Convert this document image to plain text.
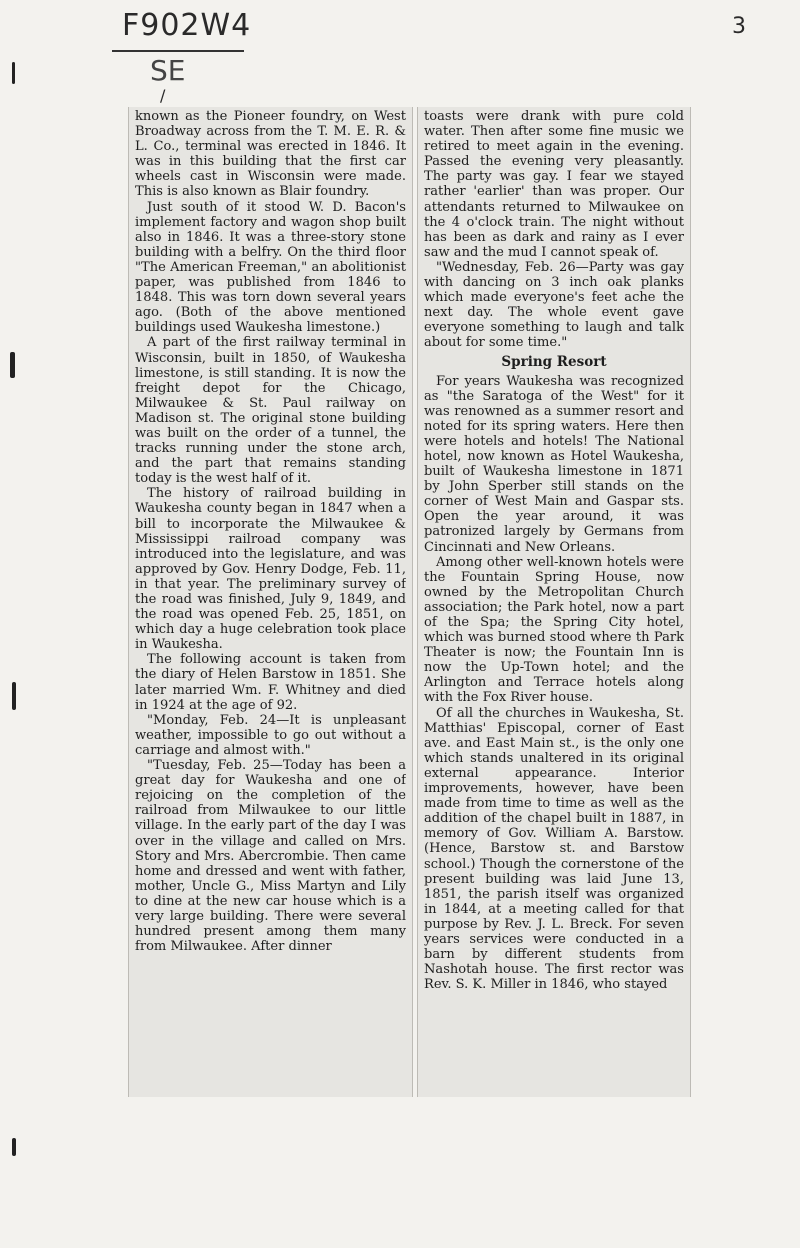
F902W4
SE
3
/

known as the Pioneer foundry, on West Broadway across from the T. M. E. R. & L. Co., terminal was erected in 1846. It was in this building that the first car wheels cast in Wisconsin were made. This is also known as Blair foundry.

Just south of it stood W. D. Bacon's implement factory and wagon shop built also in 1846. It was a three-story stone building with a belfry. On the third floor "The American Freeman," an abolitionist paper, was published from 1846 to 1848. This was torn down several years ago. (Both of the above mentioned buildings used Waukesha limestone.)

A part of the first railway terminal in Wisconsin, built in 1850, of Waukesha limestone, is still standing. It is now the freight depot for the Chicago, Milwaukee & St. Paul railway on Madison st. The original stone building was built on the order of a tunnel, the tracks running under the stone arch, and the part that remains standing today is the west half of it.

The history of railroad building in Waukesha county began in 1847 when a bill to incorporate the Milwaukee & Mississippi railroad company was introduced into the legislature, and was approved by Gov. Henry Dodge, Feb. 11, in that year. The preliminary survey of the road was finished, July 9, 1849, and the road was opened Feb. 25, 1851, on which day a huge celebration took place in Waukesha.

The following account is taken from the diary of Helen Barstow in 1851. She later married Wm. F. Whitney and died in 1924 at the age of 92.

"Monday, Feb. 24—It is unpleasant weather, impossible to go out without a carriage and almost with."

"Tuesday, Feb. 25—Today has been a great day for Waukesha and one of rejoicing on the completion of the railroad from Milwaukee to our little village. In the early part of the day I was over in the village and called on Mrs. Story and Mrs. Abercrombie. Then came home and dressed and went with father, mother, Uncle G., Miss Martyn and Lily to dine at the new car house which is a very large building. There were several hundred present among them many from Milwaukee. After dinner

toasts were drank with pure cold water. Then after some fine music we retired to meet again in the evening. Passed the evening very pleasantly. The party was gay. I fear we stayed rather 'earlier' than was proper. Our attendants returned to Milwaukee on the 4 o'clock train. The night without has been as dark and rainy as I ever saw and the mud I cannot speak of.

"Wednesday, Feb. 26—Party was gay with dancing on 3 inch oak planks which made everyone's feet ache the next day. The whole event gave everyone something to laugh and talk about for some time."

Spring Resort

For years Waukesha was recognized as "the Saratoga of the West" for it was renowned as a summer resort and noted for its spring waters. Here then were hotels and hotels! The National hotel, now known as Hotel Waukesha, built of Waukesha limestone in 1871 by John Sperber still stands on the corner of West Main and Gaspar sts. Open the year around, it was patronized largely by Germans from Cincinnati and New Orleans.

Among other well-known hotels were the Fountain Spring House, now owned by the Metropolitan Church association; the Park hotel, now a part of the Spa; the Spring City hotel, which was burned stood where th Park Theater is now; the Fountain Inn is now the Up-Town hotel; and the Arlington and Terrace hotels along with the Fox River house.

Of all the churches in Waukesha, St. Matthias' Episcopal, corner of East ave. and East Main st., is the only one which stands unaltered in its original external appearance. Interior improvements, however, have been made from time to time as well as the addition of the chapel built in 1887, in memory of Gov. William A. Barstow. (Hence, Barstow st. and Barstow school.) Though the cornerstone of the present building was laid June 13, 1851, the parish itself was organized in 1844, at a meeting called for that purpose by Rev. J. L. Breck. For seven years services were conducted in a barn by different students from Nashotah house. The first rector was Rev. S. K. Miller in 1846, who stayed
